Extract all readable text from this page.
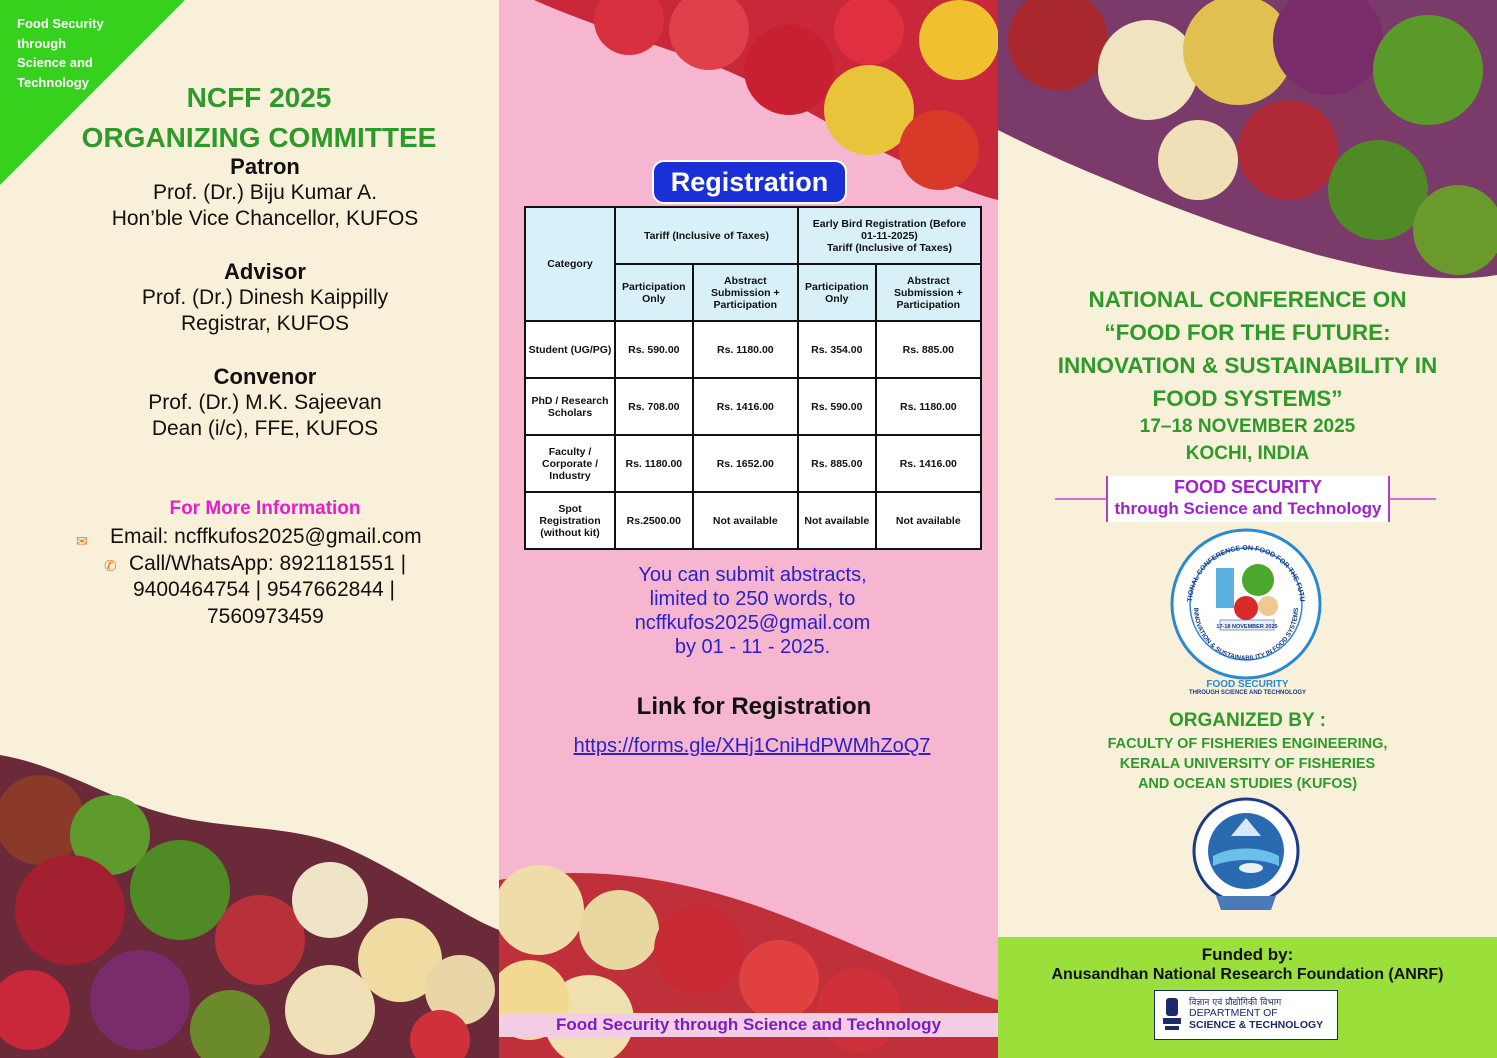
Food Security
through
Science and
Technology	NCFF 2025
ORGANIZING COMMITTEE
Patron
Prof. (Dr.) Biju Kumar A.
Hon’ble Vice Chancellor, KUFOS
Advisor
Prof. (Dr.) Dinesh Kaippilly
Registrar, KUFOS
Convenor
Prof. (Dr.) M.K. Sajeevan
Dean (i/c), FFE, KUFOS
For More Information
✉ Email: ncffkufos2025@gmail.com
✆ Call/WhatsApp: 8921181551 |
9400464754 | 9547662844 |
7560973459
Registration
Category	Tariff (Inclusive of Taxes)		Early Bird Registration (Before
01-11-2025)
Tariff (Inclusive of Taxes)	

	Participation Only	Abstract Submission + Participation	Participation Only	Abstract Submission + Participation
Student (UG/PG)	Rs. 590.00	Rs. 1180.00	Rs. 354.00	Rs. 885.00
PhD / Research Scholars	Rs. 708.00	Rs. 1416.00	Rs. 590.00	Rs. 1180.00
Faculty / Corporate / Industry	Rs. 1180.00	Rs. 1652.00	Rs. 885.00	Rs. 1416.00
Spot Registration (without kit)	Rs.2500.00	Not available	Not available	Not available
You can submit abstracts,
limited to 250 words, to
ncffkufos2025@gmail.com
by 01 - 11 - 2025.
Link for Registration
https://forms.gle/XHj1CniHdPWMhZoQ7
Food Security through Science and Technology
NATIONAL CONFERENCE ON
“FOOD FOR THE FUTURE:
INNOVATION & SUSTAINABILITY IN
FOOD SYSTEMS”
17–18 NOVEMBER 2025
KOCHI, INDIA
FOOD SECURITY
through Science and Technology
TIONAL CONFERENCE ON FOOD FOR THE FUTU
INNOVATION & SUSTAINABILITY IN FOOD SYSTEMS
17-18 NOVEMBER 2025
FOOD SECURITY
THROUGH SCIENCE AND TECHNOLOGY
ORGANIZED BY :
FACULTY OF FISHERIES ENGINEERING,
KERALA UNIVERSITY OF FISHERIES
AND OCEAN STUDIES (KUFOS)
Funded by:
Anusandhan National Research Foundation (ANRF)
विज्ञान एवं प्रौद्योगिकी विभाग
DEPARTMENT OF
SCIENCE & TECHNOLOGY
